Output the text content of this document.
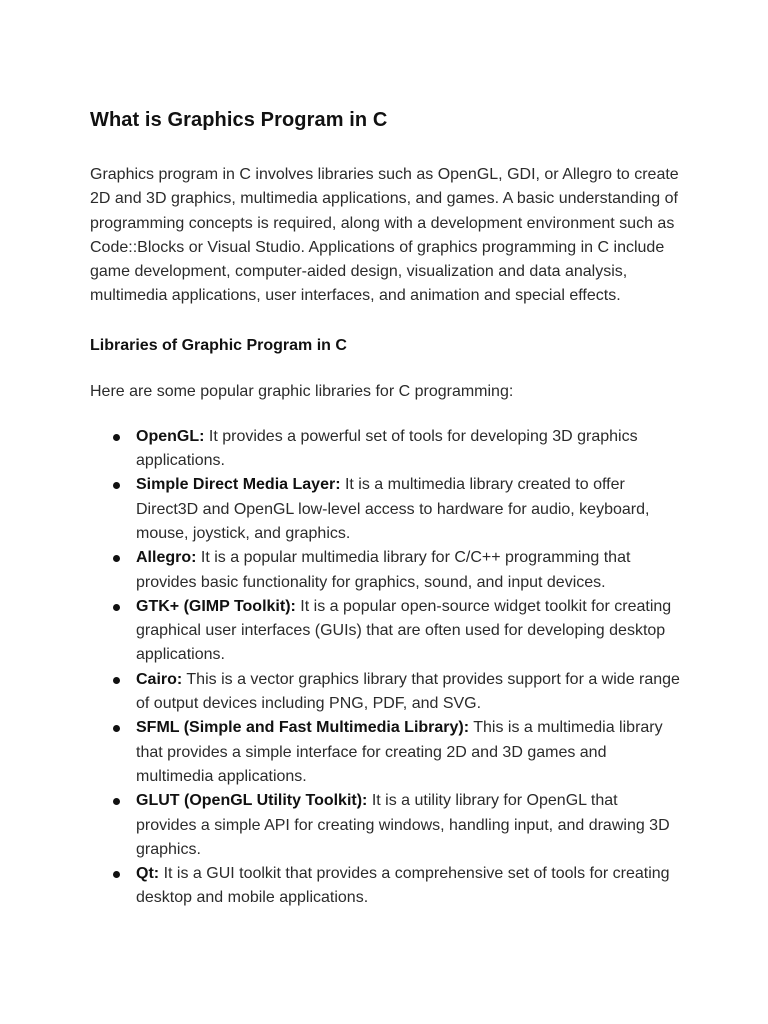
What is Graphics Program in C

Graphics program in C involves libraries such as OpenGL, GDI, or Allegro to create 2D and 3D graphics, multimedia applications, and games. A basic understanding of programming concepts is required, along with a development environment such as Code::Blocks or Visual Studio. Applications of graphics programming in C include game development, computer-aided design, visualization and data analysis, multimedia applications, user interfaces, and animation and special effects.

Libraries of Graphic Program in C

Here are some popular graphic libraries for C programming:

OpenGL: It provides a powerful set of tools for developing 3D graphics applications.
Simple Direct Media Layer: It is a multimedia library created to offer Direct3D and OpenGL low-level access to hardware for audio, keyboard, mouse, joystick, and graphics.
Allegro: It is a popular multimedia library for C/C++ programming that provides basic functionality for graphics, sound, and input devices.
GTK+ (GIMP Toolkit): It is a popular open-source widget toolkit for creating graphical user interfaces (GUIs) that are often used for developing desktop applications.
Cairo: This is a vector graphics library that provides support for a wide range of output devices including PNG, PDF, and SVG.
SFML (Simple and Fast Multimedia Library): This is a multimedia library that provides a simple interface for creating 2D and 3D games and multimedia applications.
GLUT (OpenGL Utility Toolkit): It is a utility library for OpenGL that provides a simple API for creating windows, handling input, and drawing 3D graphics.
Qt: It is a GUI toolkit that provides a comprehensive set of tools for creating desktop and mobile applications.
